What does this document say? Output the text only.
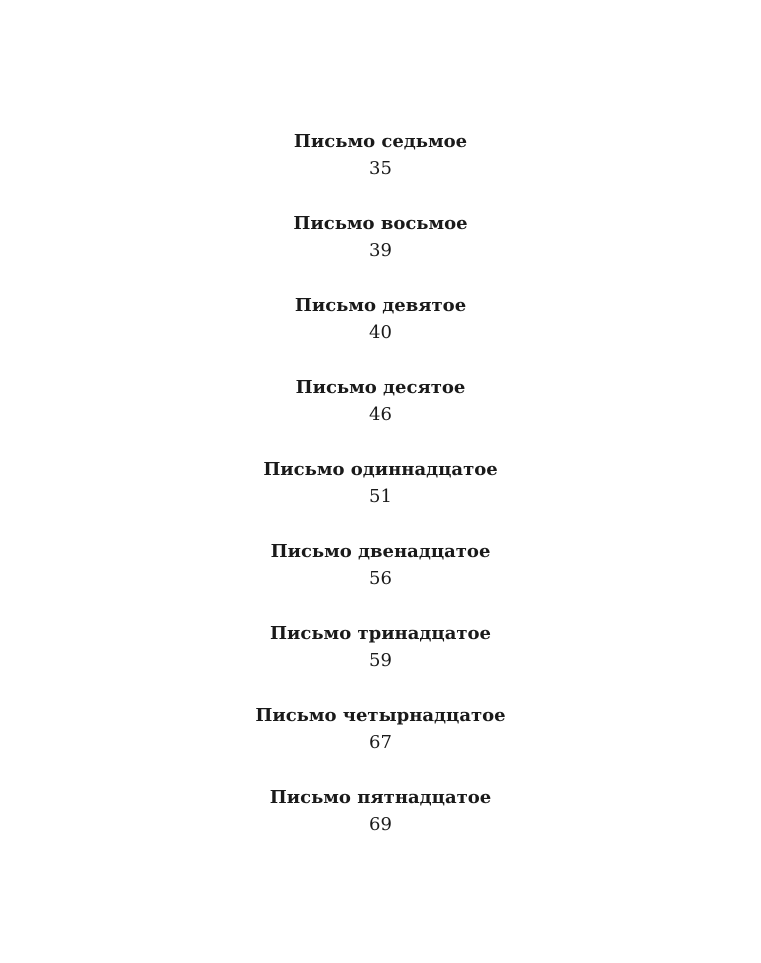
Письмо седьмое
35
Письмо восьмое
39
Письмо девятое
40
Письмо десятое
46
Письмо одиннадцатое
51
Письмо двенадцатое
56
Письмо тринадцатое
59
Письмо четырнадцатое
67
Письмо пятнадцатое
69
